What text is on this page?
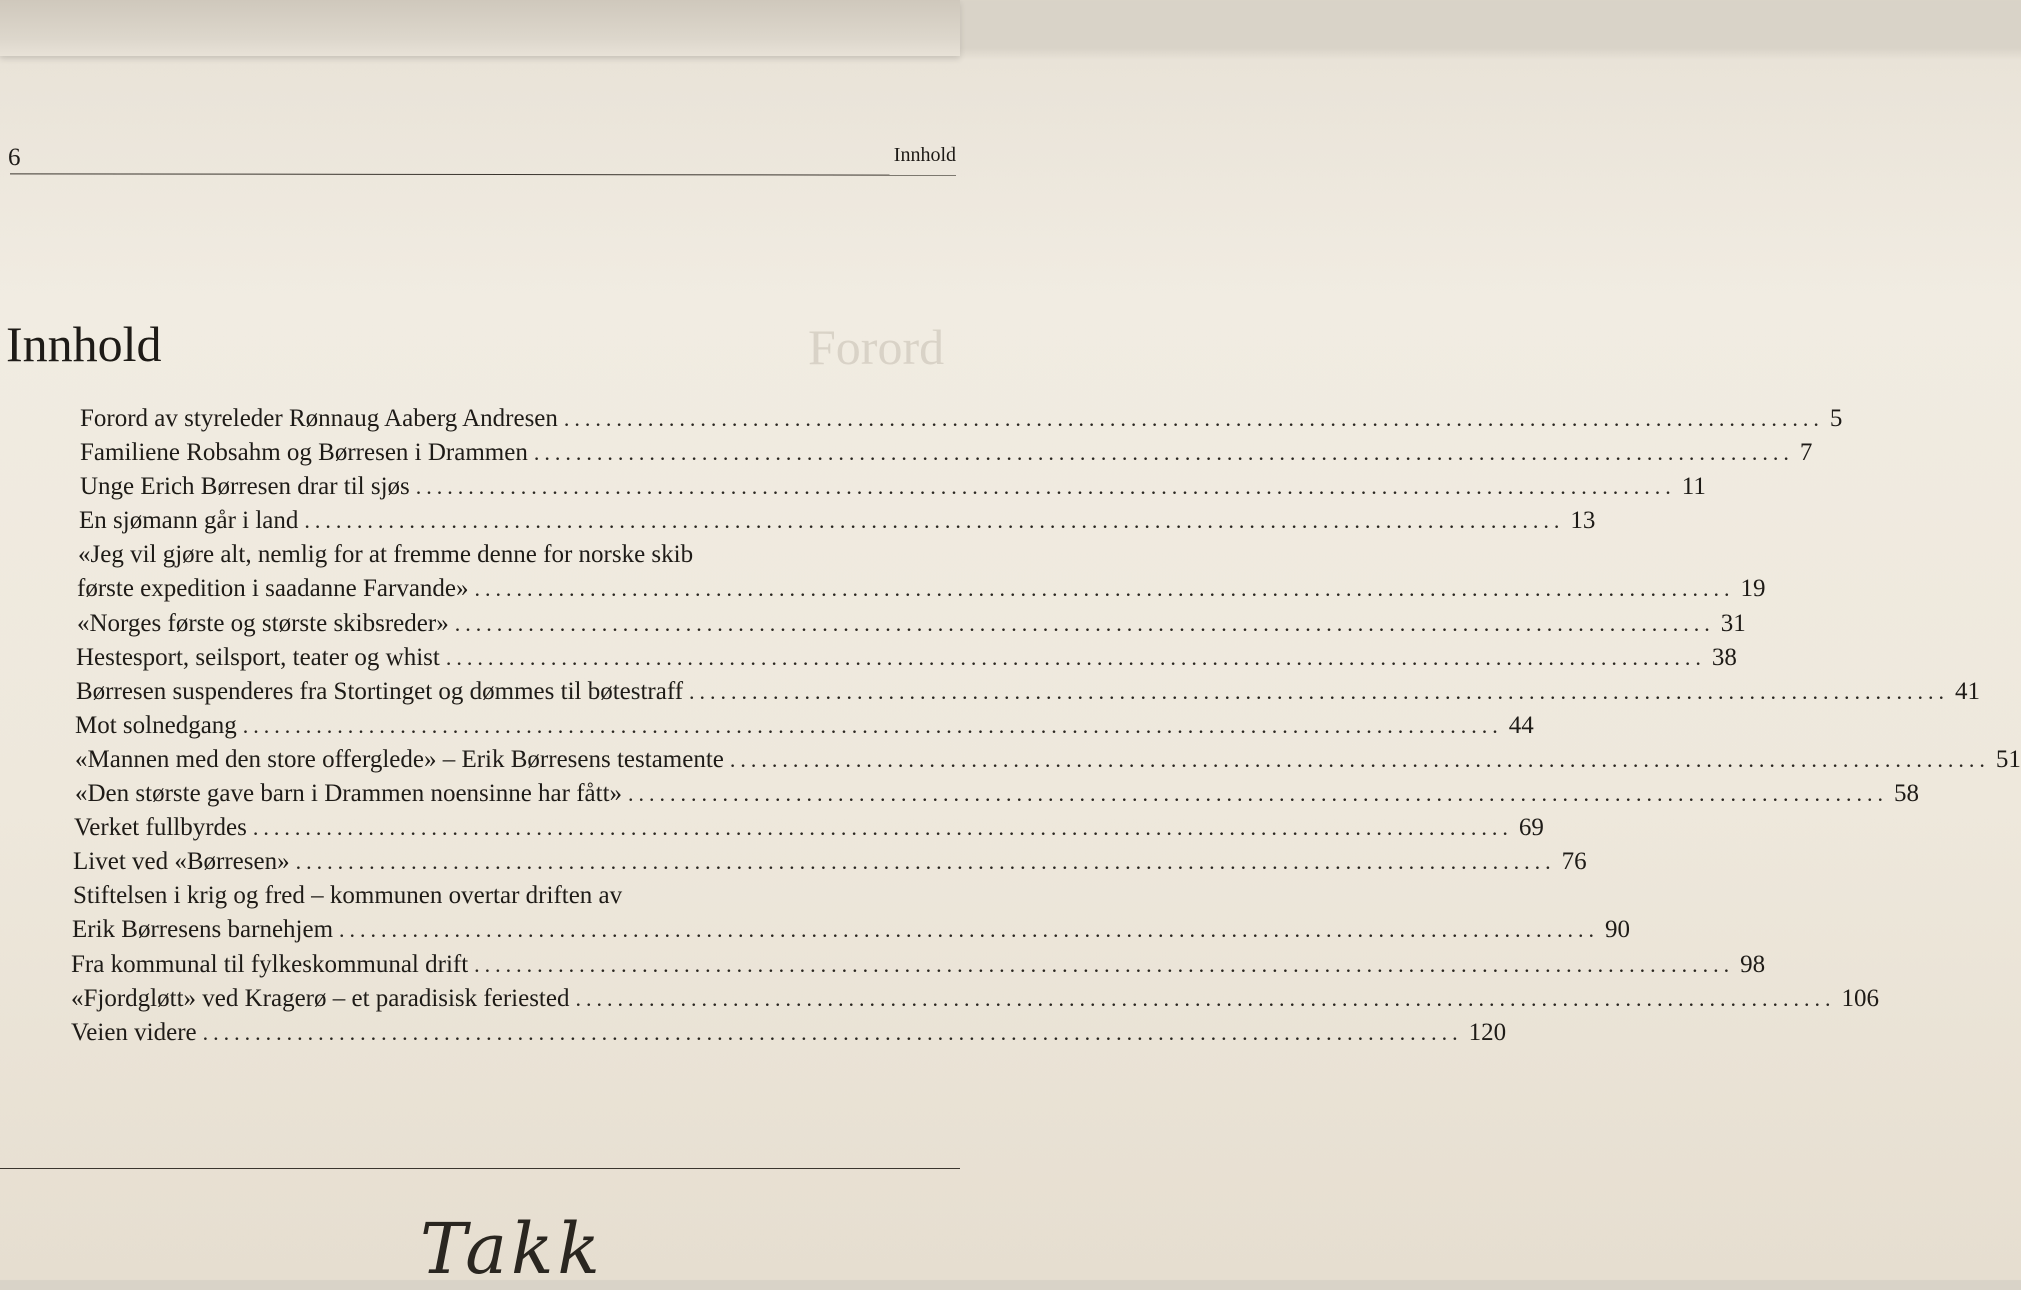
6	Innhold
Forord
Innhold
Forord av styreleder Rønnaug Aaberg Andresen ........................................................................................................................ 5
Familiene Robsahm og Børresen i Drammen ........................................................................................................................ 7
Unge Erich Børresen drar til sjøs ........................................................................................................................ 11
En sjømann går i land ........................................................................................................................ 13
«Jeg vil gjøre alt, nemlig for at fremme denne for norske skib
første expedition i saadanne Farvande» ........................................................................................................................ 19
«Norges første og største skibsreder» ........................................................................................................................ 31
Hestesport, seilsport, teater og whist ........................................................................................................................ 38
Børresen suspenderes fra Stortinget og dømmes til bøtestraff ........................................................................................................................ 41
Mot solnedgang ........................................................................................................................ 44
«Mannen med den store offerglede» – Erik Børresens testamente ........................................................................................................................ 51
«Den største gave barn i Drammen noensinne har fått» ........................................................................................................................ 58
Verket fullbyrdes ........................................................................................................................ 69
Livet ved «Børresen» ........................................................................................................................ 76
Stiftelsen i krig og fred – kommunen overtar driften av
Erik Børresens barnehjem ........................................................................................................................ 90
Fra kommunal til fylkeskommunal drift ........................................................................................................................ 98
«Fjordgløtt» ved Kragerø – et paradisisk feriested ........................................................................................................................ 106
Veien videre ........................................................................................................................ 120
Takk
